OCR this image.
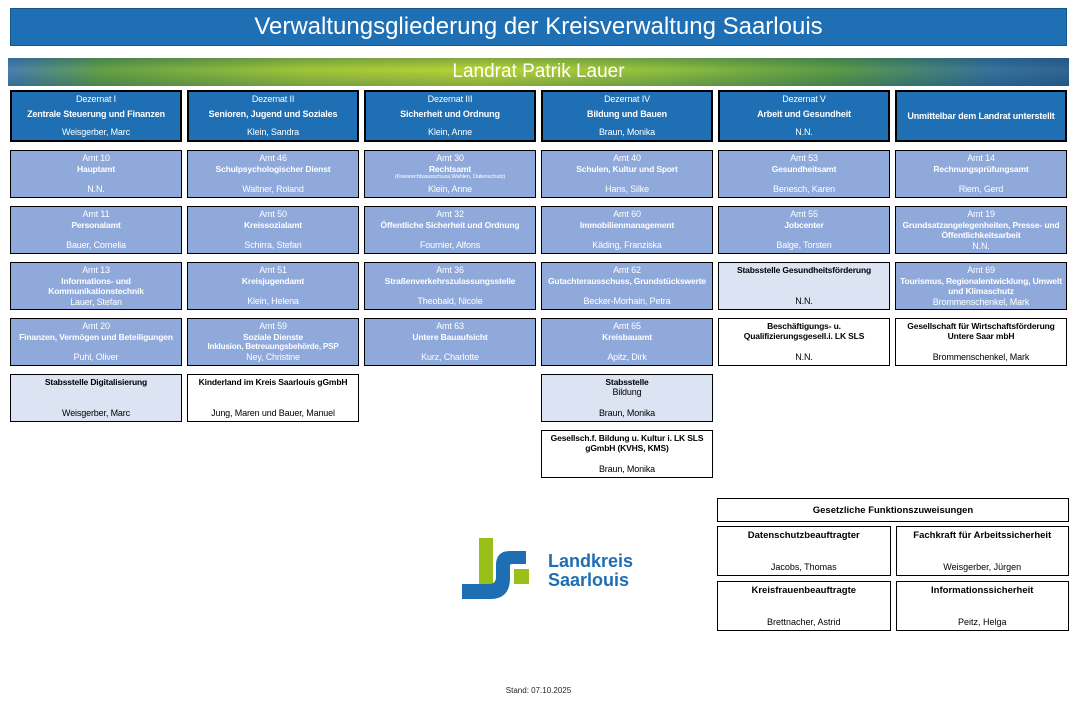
Verwaltungsgliederung der Kreisverwaltung Saarlouis
Landrat Patrik Lauer
Dezernat I
Zentrale Steuerung und Finanzen
Weisgerber, Marc
Amt 10
Hauptamt
N.N.
Amt 11
Personalamt
Bauer, Cornelia
Amt 13
Informations- und Kommunikationstechnik
Lauer, Stefan
Amt 20
Finanzen, Vermögen und Beteiligungen
Puhl, Oliver
Stabsstelle Digitalisierung
Weisgerber, Marc
Dezernat II
Senioren, Jugend und Soziales
Klein, Sandra
Amt 46
Schulpsychologischer Dienst
Waltner, Roland
Amt 50
Kreissozialamt
Schirra, Stefan
Amt 51
Kreisjugendamt
Klein, Helena
Amt 59
Soziale Dienste
Inklusion, Betreuungsbehörde, PSP
Ney, Christine
Kinderland im Kreis Saarlouis gGmbH
Jung, Maren und Bauer, Manuel
Dezernat III
Sicherheit und Ordnung
Klein, Anne
Amt 30
Rechtsamt
(Kreisrechtsausschuss,Wahlen, Datenschutz)
Klein, Anne
Amt 32
Öffentliche Sicherheit und Ordnung
Fournier, Alfons
Amt 36
Straßenverkehrszulassungsstelle
Theobald, Nicole
Amt 63
Untere Bauaufsicht
Kurz, Charlotte
Dezernat IV
Bildung und Bauen
Braun, Monika
Amt 40
Schulen, Kultur und Sport
Hans, Silke
Amt 60
Immobilienmanagement
Käding, Franziska
Amt 62
Gutachterausschuss, Grundstückswerte
Becker-Morhain, Petra
Amt 65
Kreisbauamt
Apitz, Dirk
Stabsstelle
Bildung
Braun, Monika
Gesellsch.f. Bildung u. Kultur i. LK SLS gGmbH (KVHS, KMS)
Braun, Monika
Dezernat V
Arbeit und Gesundheit
N.N.
Amt 53
Gesundheitsamt
Benesch, Karen
Amt 55
Jobcenter
Balge, Torsten
Stabsstelle Gesundheitsförderung
N.N.
Beschäftigungs- u. Qualifizierungsgesell.i. LK SLS
N.N.
Unmittelbar dem Landrat unterstellt
Amt 14
Rechnungsprüfungsamt
Riem, Gerd
Amt 19
Grundsatzangelegenheiten, Presse- und Öffentlichkeitsarbeit
N.N.
Amt 69
Tourismus, Regionalentwicklung, Umwelt und Klimaschutz
Brommenschenkel, Mark
Gesellschaft für Wirtschaftsförderung Untere Saar mbH
Brommenschenkel, Mark
Gesetzliche Funktionszuweisungen
Datenschutzbeauftragter
Jacobs, Thomas
Fachkraft für Arbeitssicherheit
Weisgerber, Jürgen
Kreisfrauenbeauftragte
Brettnacher, Astrid
Informationssicherheit
Peitz, Helga
Landkreis
Saarlouis
Stand: 07.10.2025
